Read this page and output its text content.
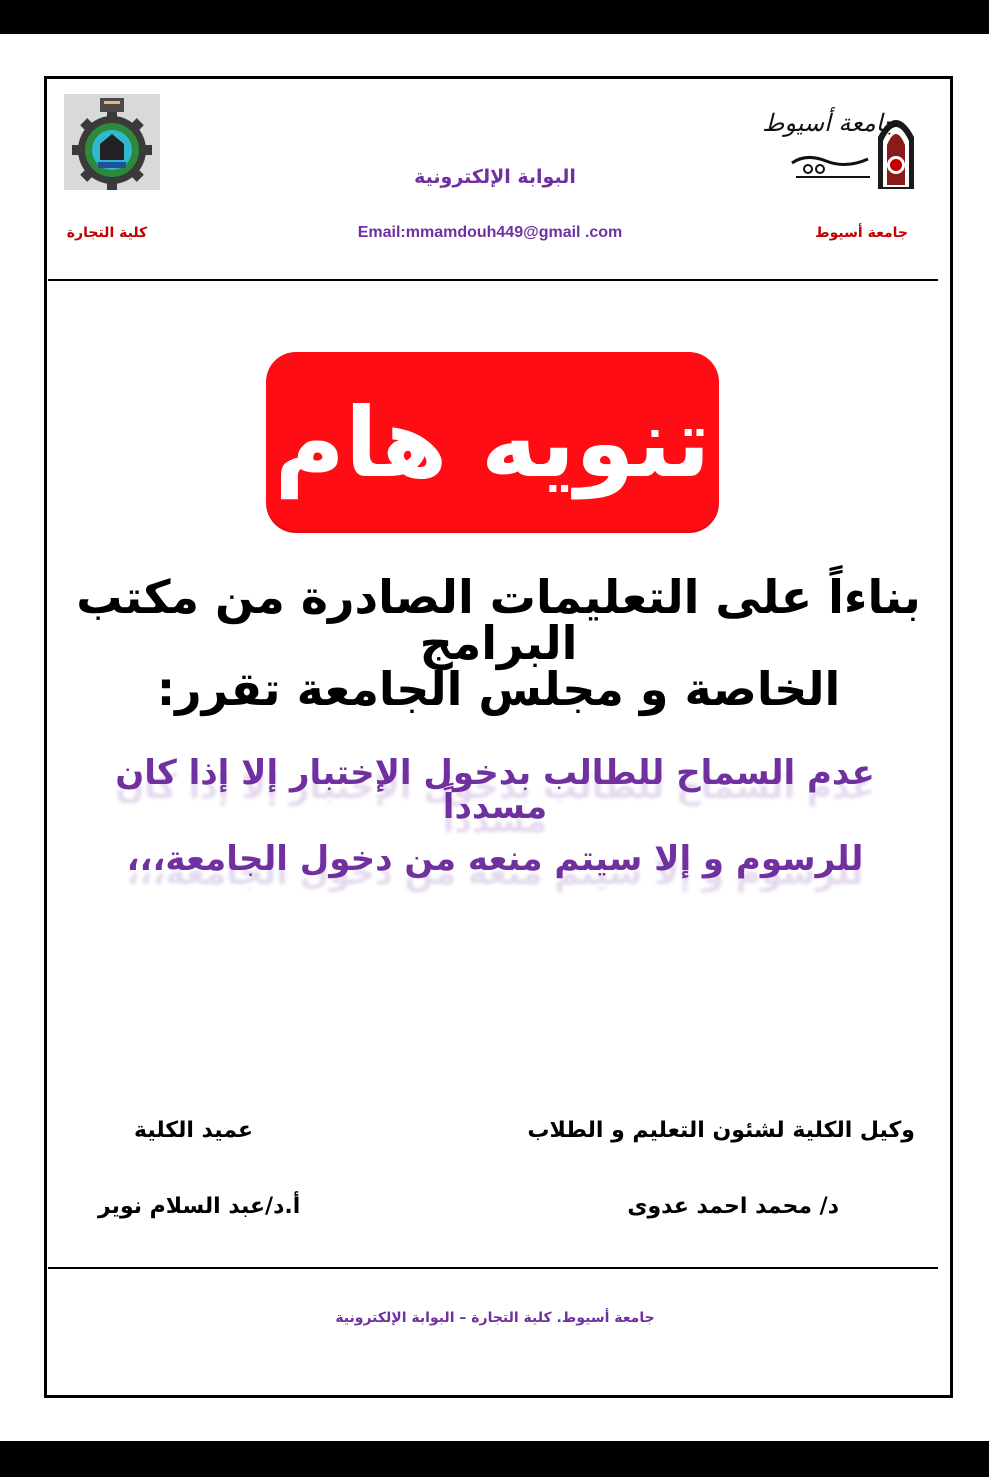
جامعة أسيوط
البوابة الإلكترونية
Email:mmamdouh449@gmail .com	جامعة أسيوط
كلية التجارة
تنويه هام
بناءاً على التعليمات الصادرة من مكتب البرامج
الخاصة و مجلس الجامعة تقرر:
عدم السماح للطالب بدخول الإختبار إلا إذا كان مسدداً
للرسوم و إلا سيتم منعه من دخول الجامعة،،،
وكيل الكلية لشئون التعليم و الطلاب
عميد الكلية
د/ محمد احمد عدوى
أ.د/عبد السلام نوير
جامعة أسيوط. كلية التجارة – البوابة الإلكترونية
